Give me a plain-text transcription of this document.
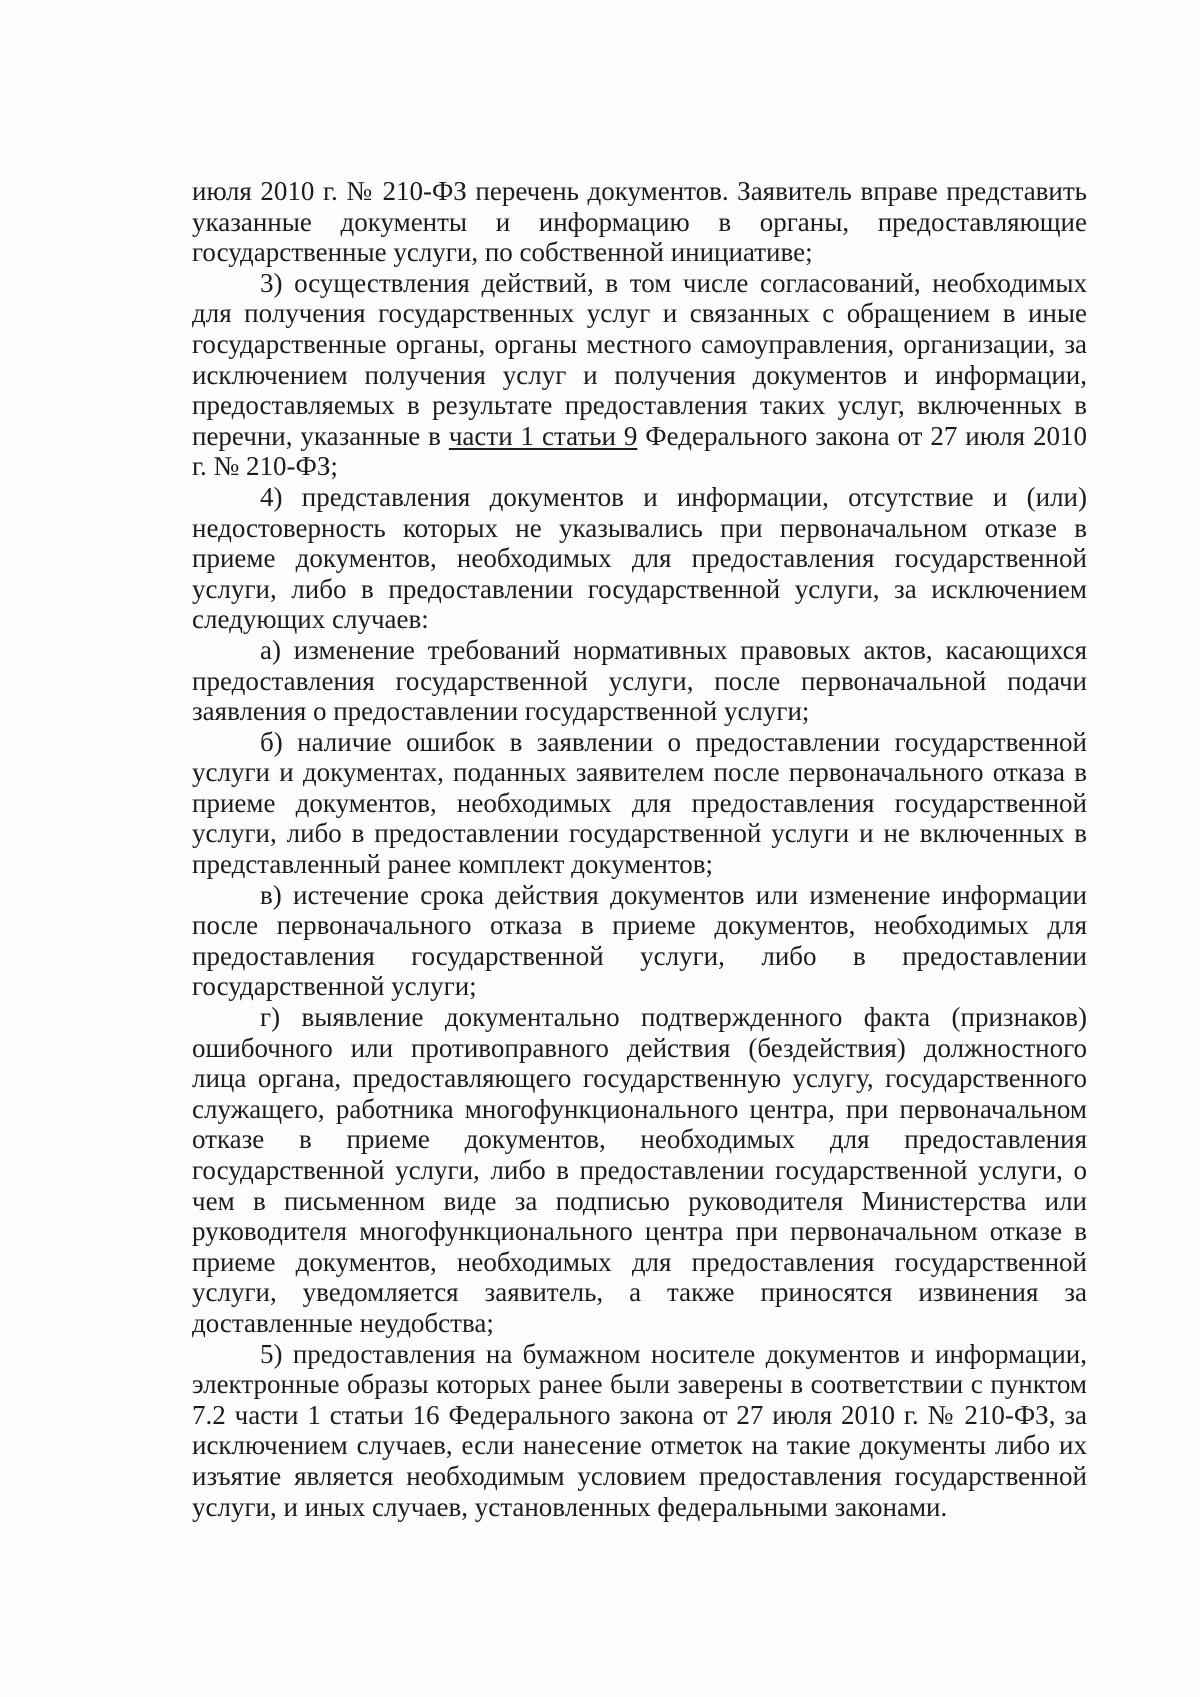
июля 2010 г. № 210-ФЗ перечень документов. Заявитель вправе представить указанные документы и информацию в органы, предоставляющие государственные услуги, по собственной инициативе;

3) осуществления действий, в том числе согласований, необходимых для получения государственных услуг и связанных с обращением в иные государственные органы, органы местного самоуправления, организации, за исключением получения услуг и получения документов и информации, предоставляемых в результате предоставления таких услуг, включенных в перечни, указанные в части 1 статьи 9 Федерального закона от 27 июля 2010 г. № 210-ФЗ;

4) представления документов и информации, отсутствие и (или) недостоверность которых не указывались при первоначальном отказе в приеме документов, необходимых для предоставления государственной услуги, либо в предоставлении государственной услуги, за исключением следующих случаев:

а) изменение требований нормативных правовых актов, касающихся предоставления государственной услуги, после первоначальной подачи заявления о предоставлении государственной услуги;

б) наличие ошибок в заявлении о предоставлении государственной услуги и документах, поданных заявителем после первоначального отказа в приеме документов, необходимых для предоставления государственной услуги, либо в предоставлении государственной услуги и не включенных в представленный ранее комплект документов;

в) истечение срока действия документов или изменение информации после первоначального отказа в приеме документов, необходимых для предоставления государственной услуги, либо в предоставлении государственной услуги;

г) выявление документально подтвержденного факта (признаков) ошибочного или противоправного действия (бездействия) должностного лица органа, предоставляющего государственную услугу, государственного служащего, работника многофункционального центра, при первоначальном отказе в приеме документов, необходимых для предоставления государственной услуги, либо в предоставлении государственной услуги, о чем в письменном виде за подписью руководителя Министерства или руководителя многофункционального центра при первоначальном отказе в приеме документов, необходимых для предоставления государственной услуги, уведомляется заявитель, а также приносятся извинения за доставленные неудобства;

5) предоставления на бумажном носителе документов и информации, электронные образы которых ранее были заверены в соответствии с пунктом 7.2 части 1 статьи 16 Федерального закона от 27 июля 2010 г. № 210-ФЗ, за исключением случаев, если нанесение отметок на такие документы либо их изъятие является необходимым условием предоставления государственной услуги, и иных случаев, установленных федеральными законами.
